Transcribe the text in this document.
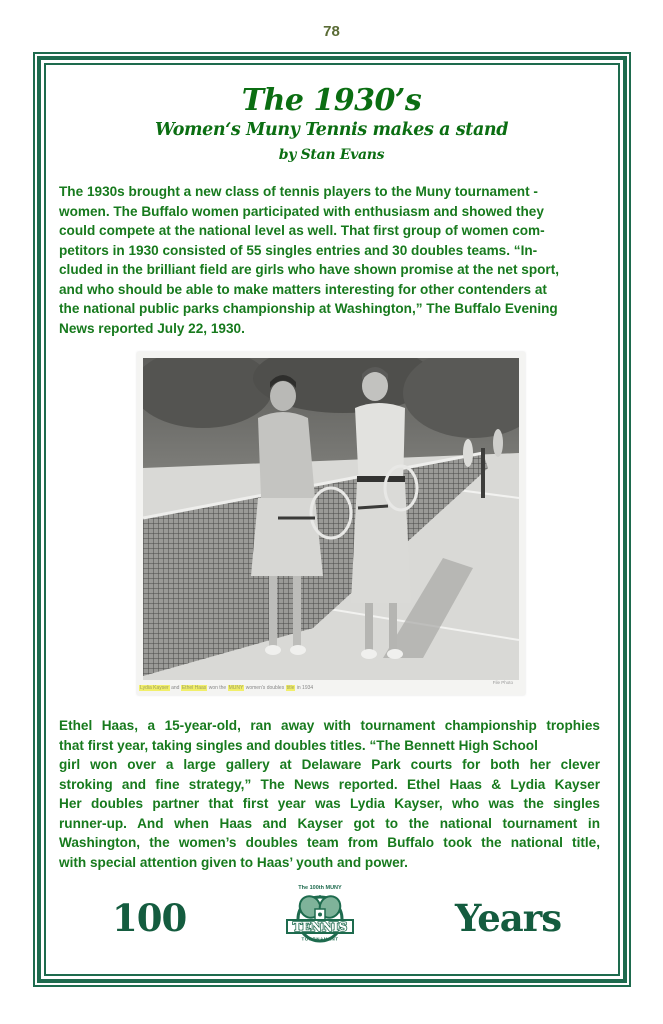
78
The 1930’s
Women‘s Muny Tennis makes a stand
by Stan Evans
The 1930s brought a new class of tennis players to the Muny tournament -
women. The Buffalo women participated with enthusiasm and showed they
could compete at the national level as well. That first group of women com-
petitors in 1930 consisted of 55 singles entries and 30 doubles teams. “In-
cluded in the brilliant field are girls who have shown promise at the net sport,
and who should be able to make matters interesting for other contenders at
the national public parks championship at Washington,” The Buffalo Evening
News reported July 22, 1930.
Lydia Kayser and Ethel Haas won the MUNY women's doubles title in 1934
File Photo
Ethel Haas, a 15-year-old, ran away with tournament championship trophies
that first year, taking singles and doubles titles. “The Bennett High School
girl won over a large gallery at Delaware Park courts for both her clever
stroking and fine strategy,” The News reported. Ethel Haas & Lydia Kayser
Her doubles partner that first year was Lydia Kayser, who was the singles
runner-up. And when Haas and Kayser got to the national tournament in
Washington, the women’s doubles team from Buffalo took the national title,
with special attention given to Haas’ youth and power.
100
The 100th MUNY
TENNIS
TOURNAMENT	Years
